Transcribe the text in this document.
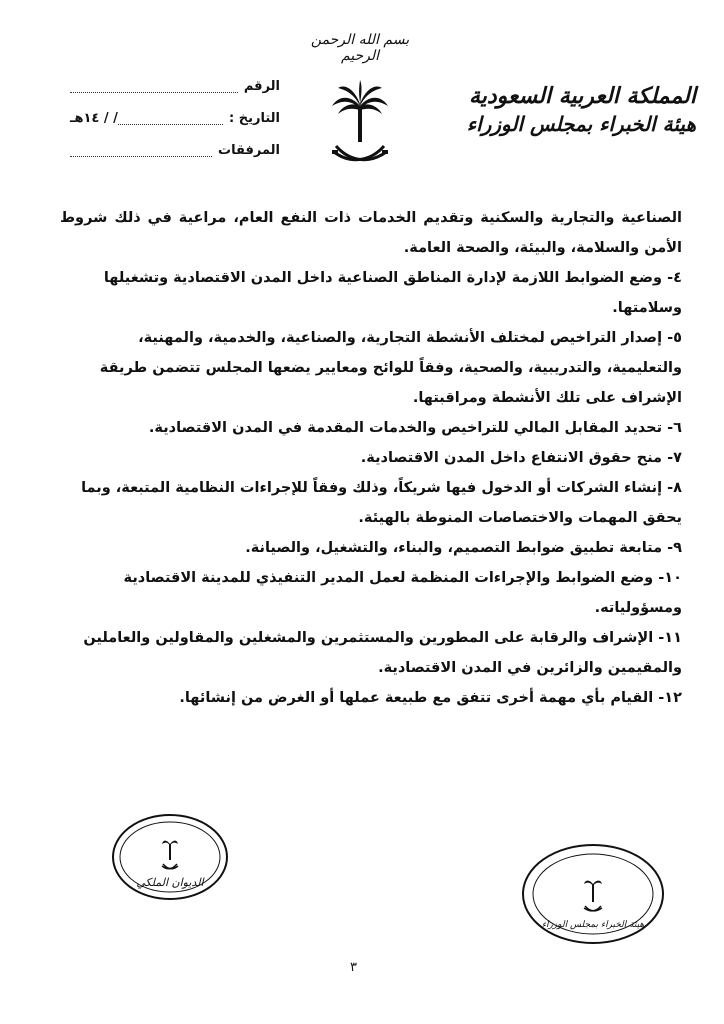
بسم الله الرحمن الرحيم
المملكة العربية السعودية
هيئة الخبراء بمجلس الوزراء
الرقم
التاريخ :
/ / ١٤هـ
المرفقات

الصناعية والتجارية والسكنية وتقديم الخدمات ذات النفع العام، مراعية في ذلك شروط الأمن والسلامة، والبيئة، والصحة العامة.

٤- وضع الضوابط اللازمة لإدارة المناطق الصناعية داخل المدن الاقتصادية وتشغيلها وسلامتها.

٥- إصدار التراخيص لمختلف الأنشطة التجارية، والصناعية، والخدمية، والمهنية، والتعليمية، والتدريبية، والصحية، وفقاً للوائح ومعايير يضعها المجلس تتضمن طريقة الإشراف على تلك الأنشطة ومراقبتها.

٦- تحديد المقابل المالي للتراخيص والخدمات المقدمة في المدن الاقتصادية.

٧- منح حقوق الانتفاع داخل المدن الاقتصادية.

٨- إنشاء الشركات أو الدخول فيها شريكاً، وذلك وفقاً للإجراءات النظامية المتبعة، وبما يحقق المهمات والاختصاصات المنوطة بالهيئة.

٩- متابعة تطبيق ضوابط التصميم، والبناء، والتشغيل، والصيانة.

١٠- وضع الضوابط والإجراءات المنظمة لعمل المدير التنفيذي للمدينة الاقتصادية ومسؤولياته.

١١- الإشراف والرقابة على المطورين والمستثمرين والمشغلين والمقاولين والعاملين والمقيمين والزائرين في المدن الاقتصادية.

١٢- القيام بأي مهمة أخرى تتفق مع طبيعة عملها أو الغرض من إنشائها.

الديوان الملكي
هيئة الخبراء بمجلس الوزراء
٣
